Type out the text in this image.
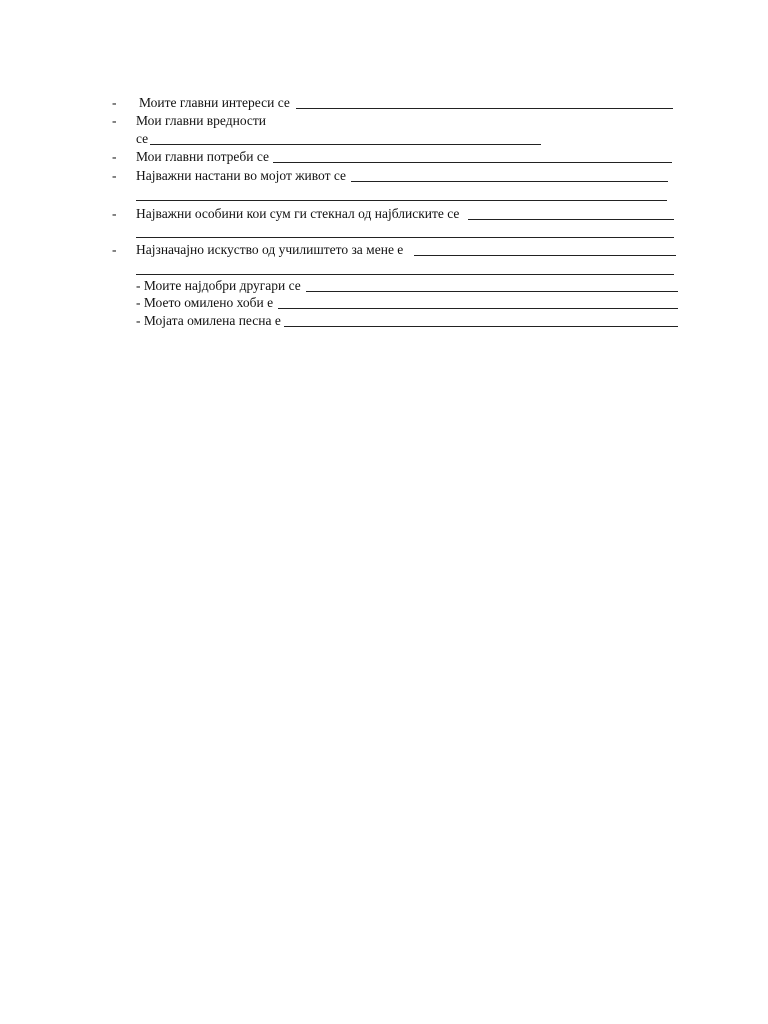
- Моите главни интереси се
- Мои главни вредности
се
- Мои главни потреби се
- Најважни настани во мојот живот се
- Најважни особини кои сум ги стекнал од најблиските се
- Најзначајно искуство од училиштето за мене е
- Моите најдобри другари се
- Моето омилено хоби е
- Мојата омилена песна е
